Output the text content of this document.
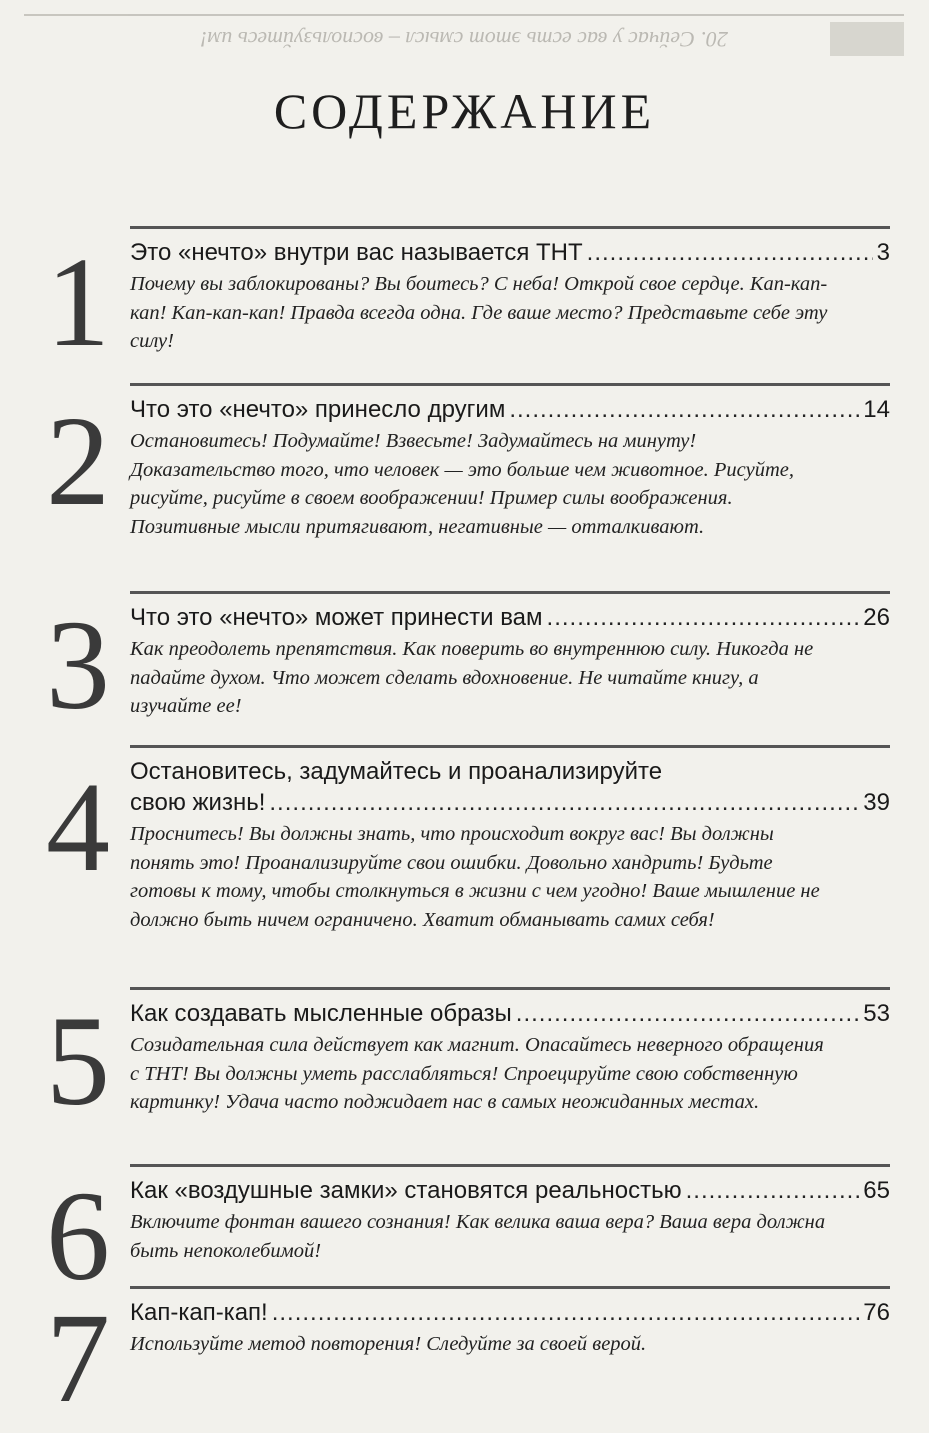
20. Сейчас у вас есть этот смысл – воспользуйтесь им!
СОДЕРЖАНИЕ
1 Это «нечто» внутри вас называется ТНТ .....	3
Почему вы заблокированы? Вы боитесь? С неба! Открой свое сердце. Кап-кап-кап! Кап-кап-кап! Правда всегда одна. Где ваше место? Представьте себе эту силу!
2 Что это «нечто» принесло другим .....	14
Остановитесь! Подумайте! Взвесьте! Задумайтесь на минуту! Доказательство того, что человек — это больше чем животное. Рисуйте, рисуйте, рисуйте в своем воображении! Пример силы воображения. Позитивные мысли притягивают, негативные — отталкивают.
3 Что это «нечто» может принести вам .....	26
Как преодолеть препятствия. Как поверить во внутреннюю силу. Никогда не падайте духом. Что может сделать вдохновение. Не читайте книгу, а изучайте ее!
4 Остановитесь, задумайтесь и проанализируйте
свою жизнь! .....	39
Проснитесь! Вы должны знать, что происходит вокруг вас! Вы должны понять это! Проанализируйте свои ошибки. Довольно хандрить! Будьте готовы к тому, чтобы столкнуться в жизни с чем угодно! Ваше мышление не должно быть ничем ограничено. Хватит обманывать самих себя!
5 Как создавать мысленные образы .....	53
Созидательная сила действует как магнит. Опасайтесь неверного обращения с ТНТ! Вы должны уметь расслабляться! Спроецируйте свою собственную картинку! Удача часто поджидает нас в самых неожиданных местах.
6 Как «воздушные замки» становятся реальностью .....	65
Включите фонтан вашего сознания! Как велика ваша вера? Ваша вера должна быть непоколебимой!
7 Кап-кап-кап! .....	76
Используйте метод повторения! Следуйте за своей верой.
